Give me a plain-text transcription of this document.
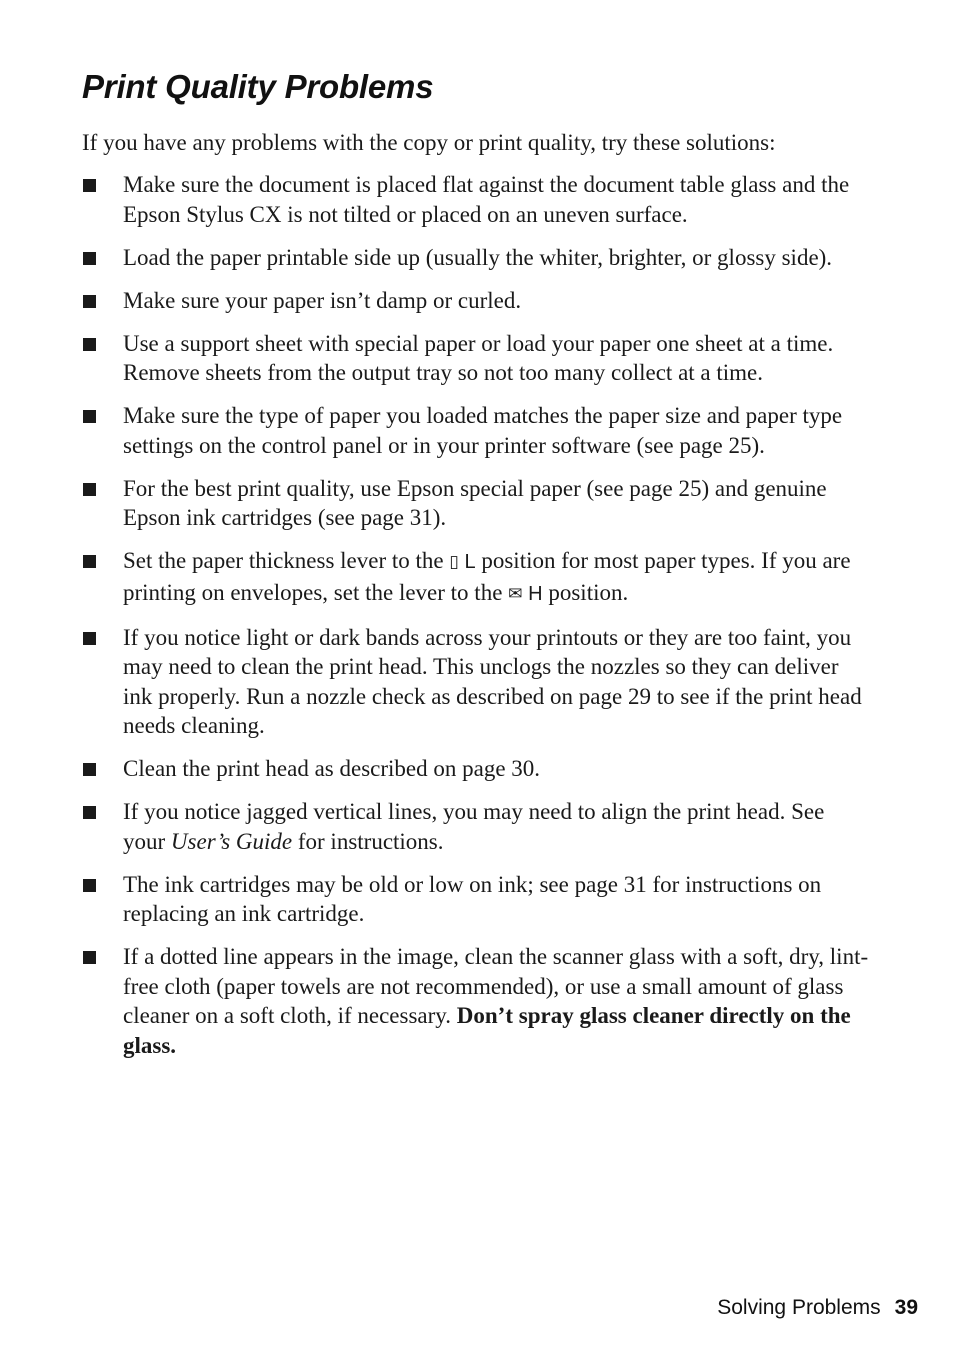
Print Quality Problems

If you have any problems with the copy or print quality, try these solutions:

Make sure the document is placed flat against the document table glass and the Epson Stylus CX is not tilted or placed on an uneven surface.
Load the paper printable side up (usually the whiter, brighter, or glossy side).
Make sure your paper isn’t damp or curled.
Use a support sheet with special paper or load your paper one sheet at a time. Remove sheets from the output tray so not too many collect at a time.
Make sure the type of paper you loaded matches the paper size and paper type settings on the control panel or in your printer software (see page 25).
For the best print quality, use Epson special paper (see page 25) and genuine Epson ink cartridges (see page 31).
Set the paper thickness lever to the ▯ L position for most paper types. If you are printing on envelopes, set the lever to the ✉ H position.
If you notice light or dark bands across your printouts or they are too faint, you may need to clean the print head. This unclogs the nozzles so they can deliver ink properly. Run a nozzle check as described on page 29 to see if the print head needs cleaning.
Clean the print head as described on page 30.
If you notice jagged vertical lines, you may need to align the print head. See your User’s Guide for instructions.
The ink cartridges may be old or low on ink; see page 31 for instructions on replacing an ink cartridge.
If a dotted line appears in the image, clean the scanner glass with a soft, dry, lint-free cloth (paper towels are not recommended), or use a small amount of glass cleaner on a soft cloth, if necessary. Don’t spray glass cleaner directly on the glass.
Solving Problems 39
